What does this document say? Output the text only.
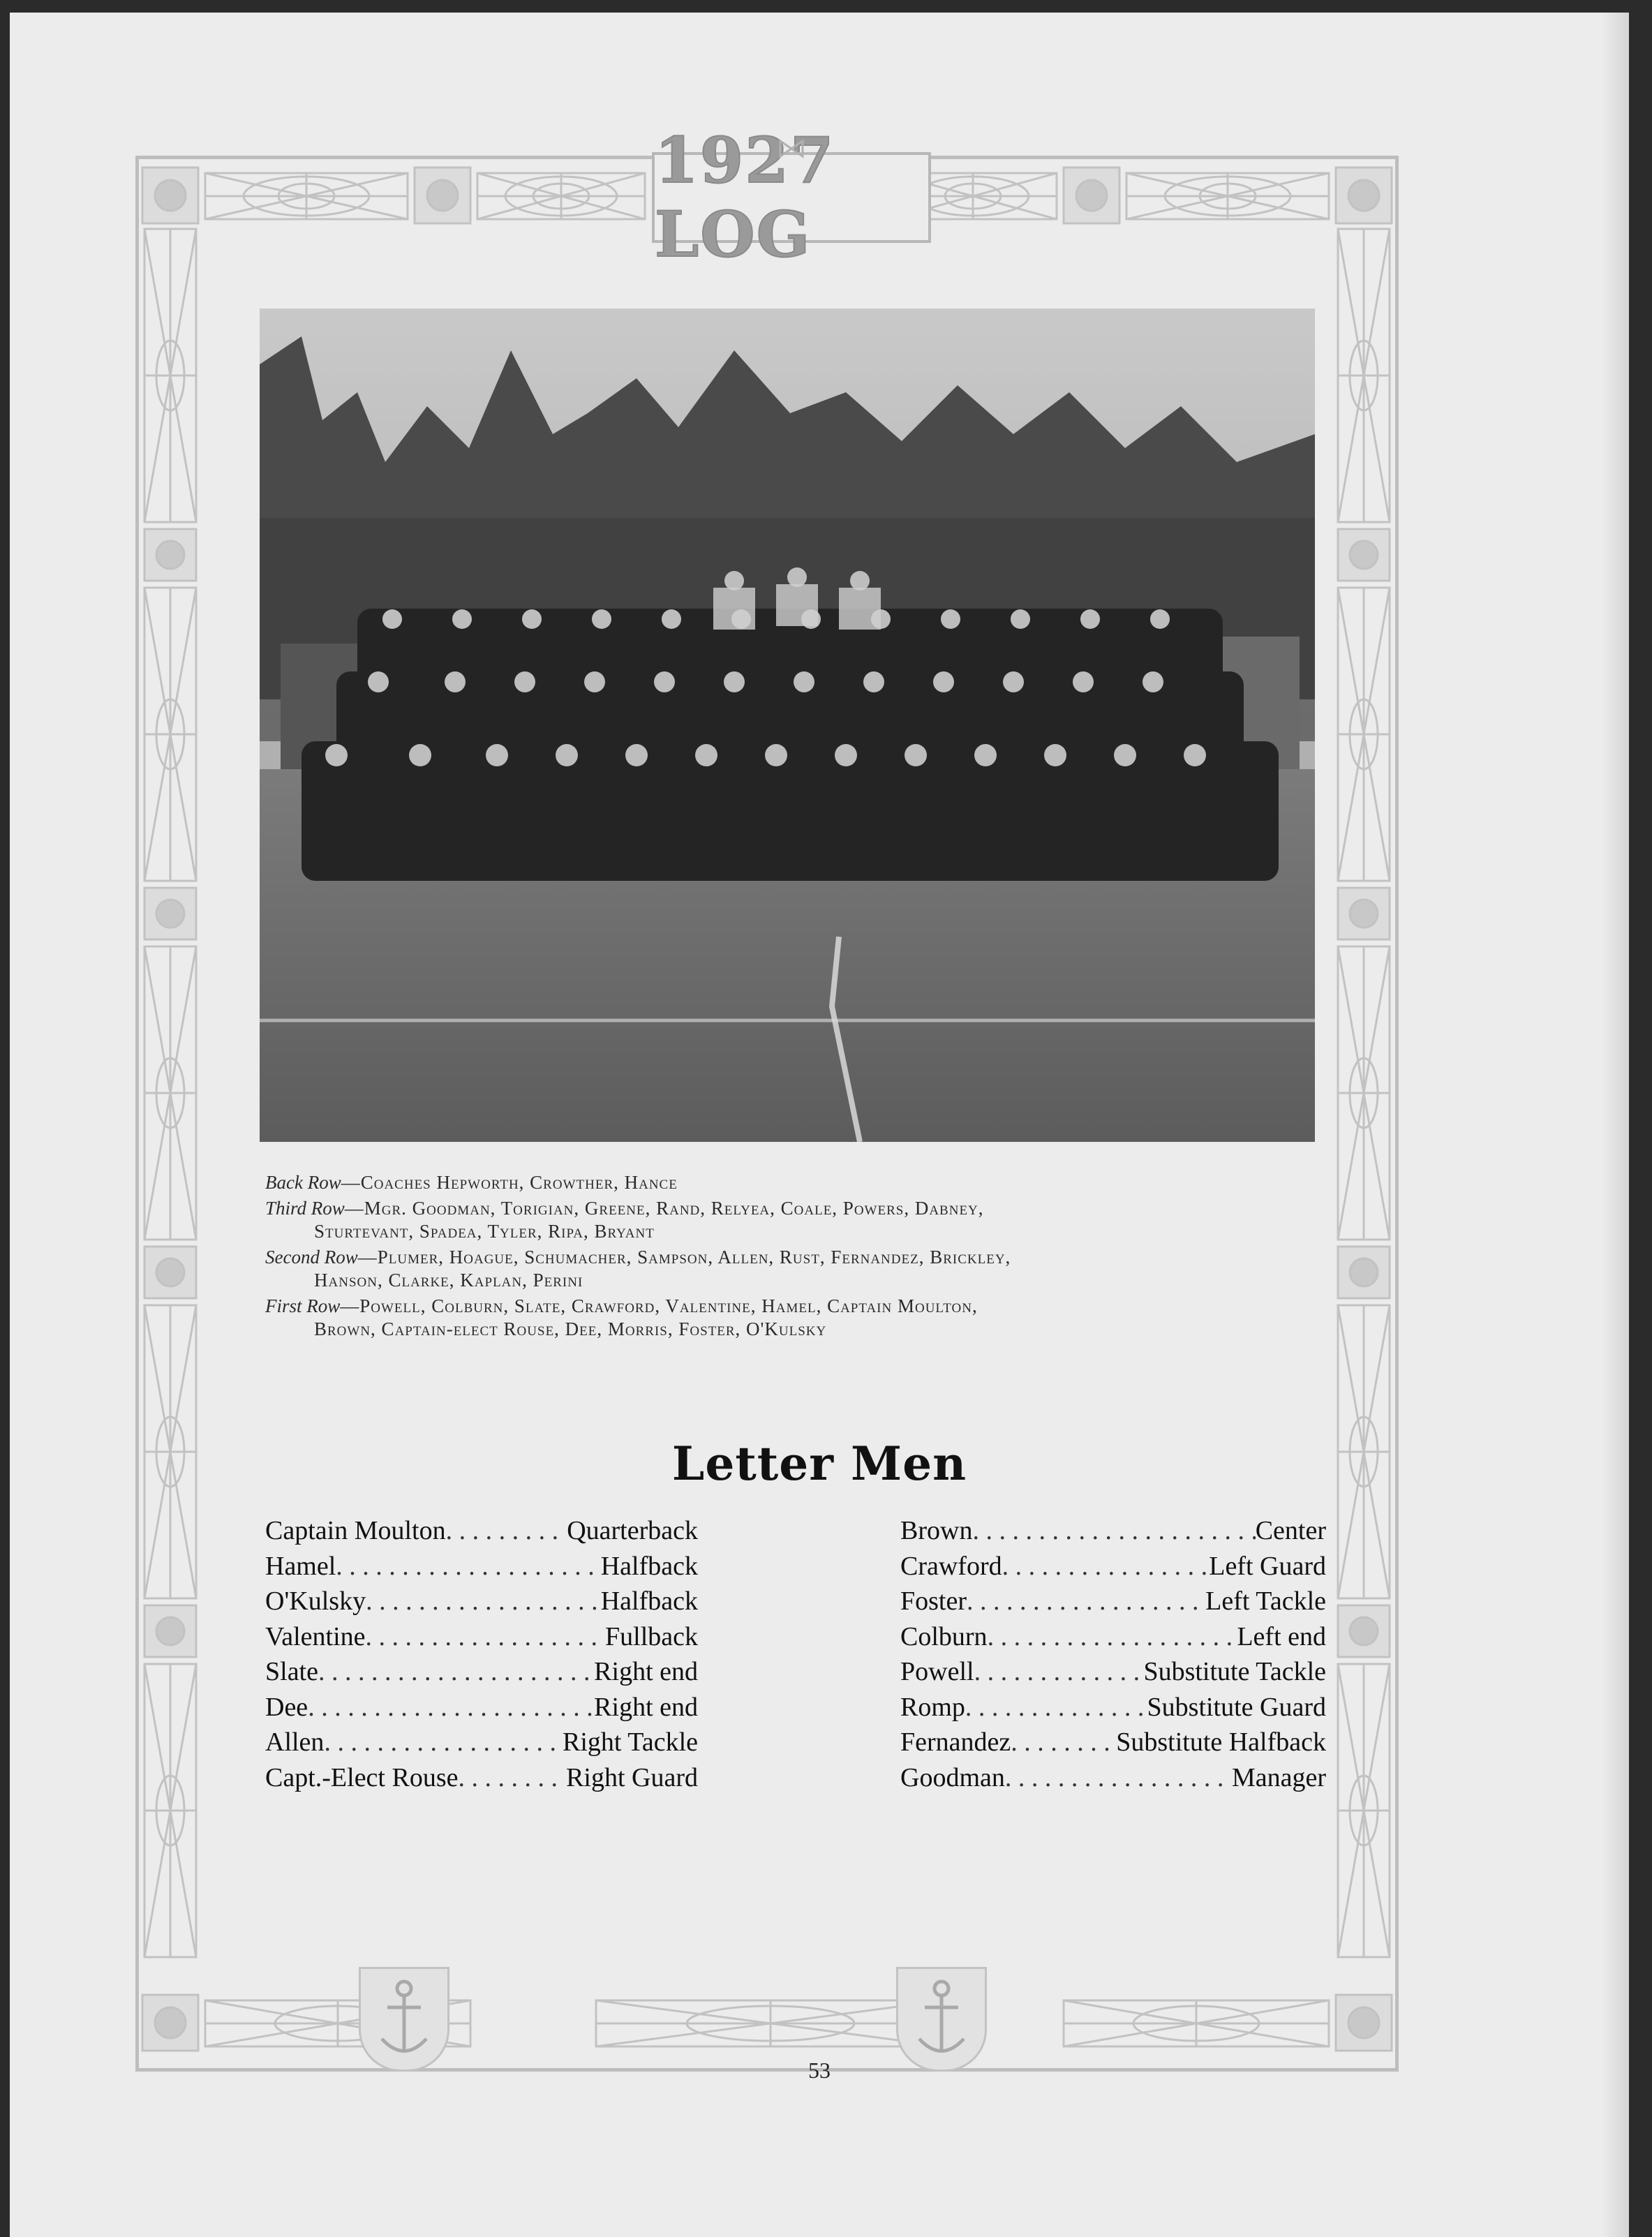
1927 LOG
Back Row—Coaches Hepworth, Crowther, Hance
Third Row—Mgr. Goodman, Torigian, Greene, Rand, Relyea, Coale, Powers, Dabney,
Sturtevant, Spadea, Tyler, Ripa, Bryant
Second Row—Plumer, Hoague, Schumacher, Sampson, Allen, Rust, Fernandez, Brickley,
Hanson, Clarke, Kaplan, Perini
First Row—Powell, Colburn, Slate, Crawford, Valentine, Hamel, Captain Moulton,
Brown, Captain-elect Rouse, Dee, Morris, Foster, O'Kulsky
Letter Men
Captain Moulton . . .	Quarterback
Hamel . . .	Halfback
O'Kulsky . . .	Halfback
Valentine . . .	Fullback
Slate . . .	Right end
Dee . . .	Right end
Allen . . .	Right Tackle
Capt.-Elect Rouse . . .	Right Guard
Brown . . .	Center
Crawford . . .	Left Guard
Foster . . .	Left Tackle
Colburn . . .	Left end
Powell . . .	Substitute Tackle
Romp . . .	Substitute Guard
Fernandez . . .	Substitute Halfback
Goodman . . .	Manager
53
